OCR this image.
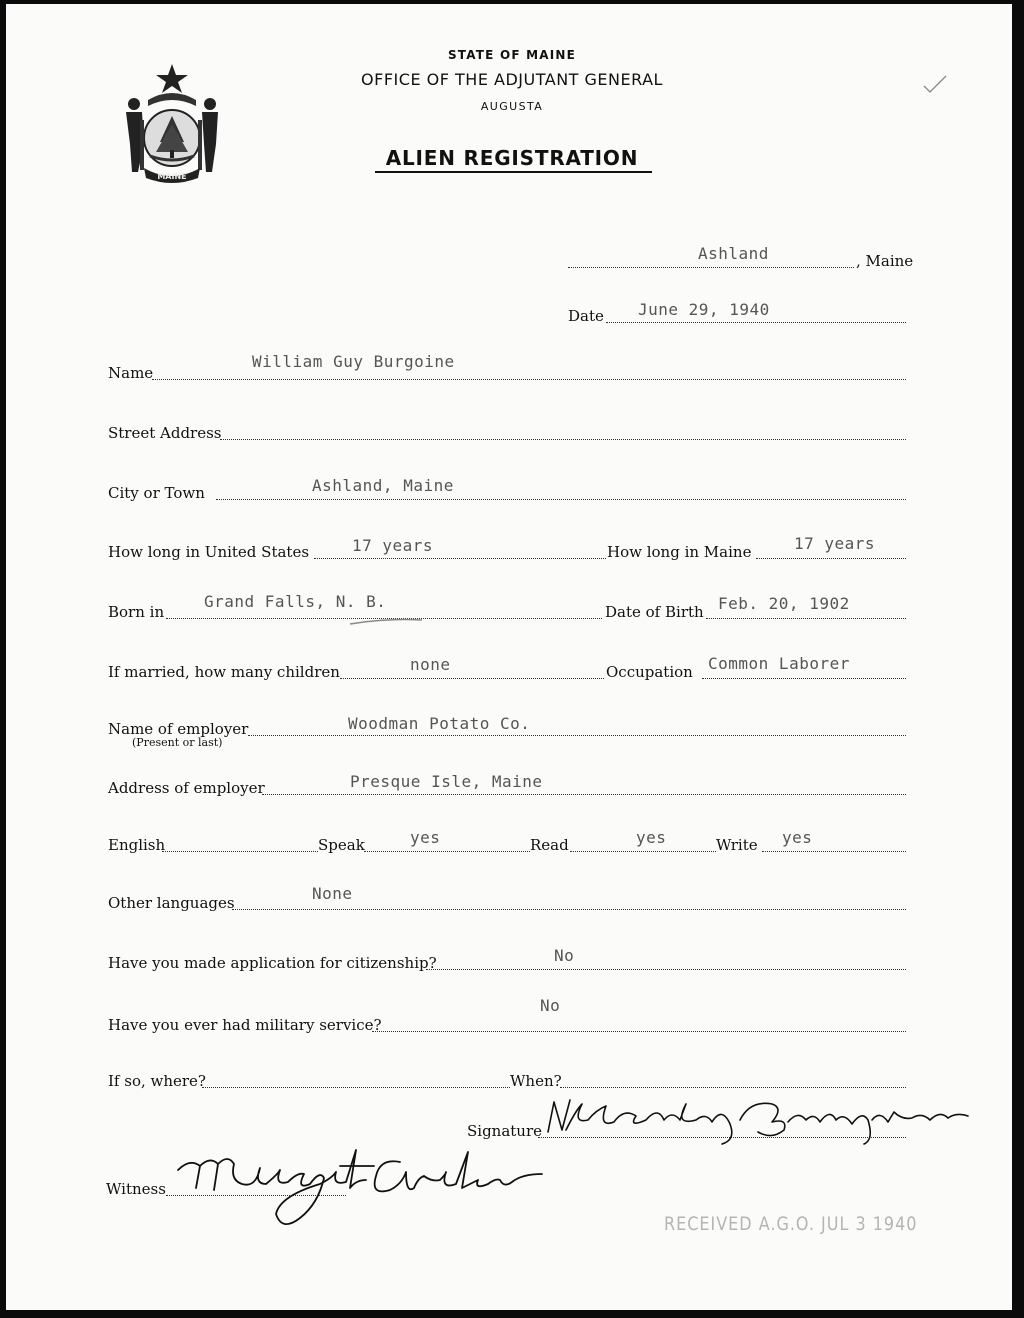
MAINE
STATE OF MAINE
OFFICE OF THE ADJUTANT GENERAL
AUGUSTA
ALIEN REGISTRATION
Ashland	, Maine
Date June 29, 1940
Name
William Guy Burgoine
Street Address
City or Town	Ashland, Maine
How long in United States	17 years	How long in Maine	17 years
Born in
Grand Falls, N. B.
Date of Birth Feb. 20, 1902
If married, how many children	none	Occupation Common Laborer
Name of employer
(Present or last)
Woodman Potato Co.
Address of employer	Presque Isle, Maine
English	Speak	yes	Read	yes	Write yes
Other languages	None
Have you made application for citizenship?	No
Have you ever had military service?
No
If so, where?	When?
Signature
William Guy Burgoine
Witness
Margaret Greenlaw
RECEIVED A.G.O. JUL 3 1940
